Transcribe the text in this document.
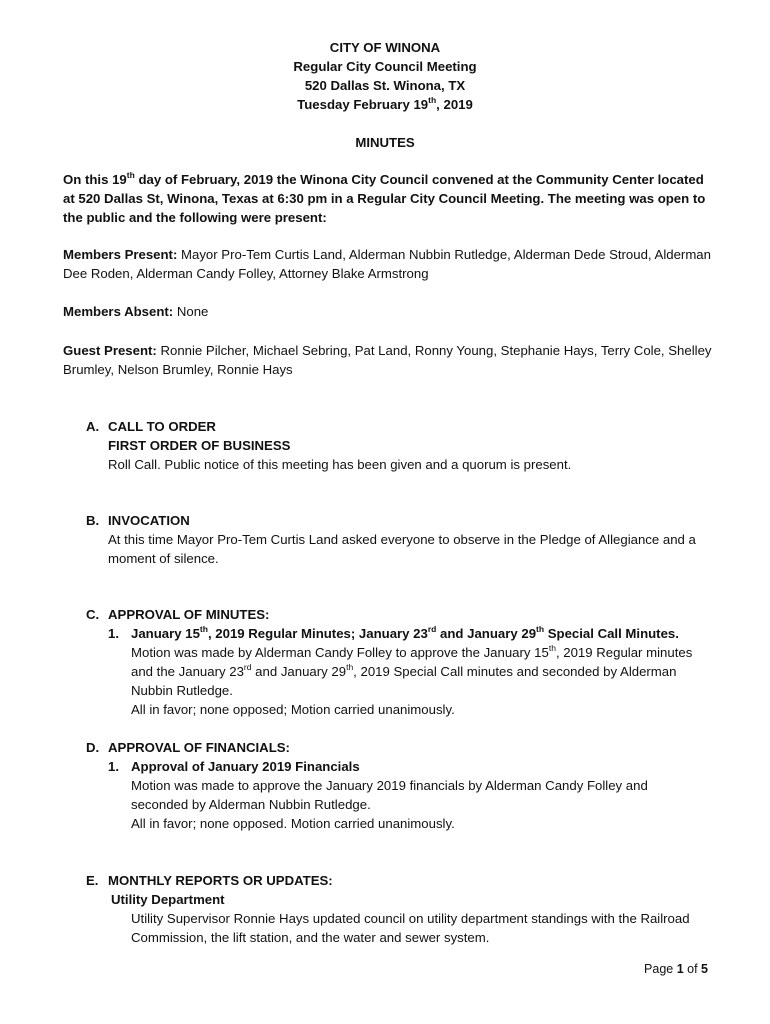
CITY OF WINONA
Regular City Council Meeting
520 Dallas St. Winona, TX
Tuesday February 19th, 2019
MINUTES
On this 19th day of February, 2019 the Winona City Council convened at the Community Center located at 520 Dallas St, Winona, Texas at 6:30 pm in a Regular City Council Meeting. The meeting was open to the public and the following were present:
Members Present: Mayor Pro-Tem Curtis Land, Alderman Nubbin Rutledge, Alderman Dede Stroud, Alderman Dee Roden, Alderman Candy Folley, Attorney Blake Armstrong
Members Absent: None
Guest Present: Ronnie Pilcher, Michael Sebring, Pat Land, Ronny Young, Stephanie Hays, Terry Cole, Shelley Brumley, Nelson Brumley, Ronnie Hays
A. CALL TO ORDER
FIRST ORDER OF BUSINESS
Roll Call. Public notice of this meeting has been given and a quorum is present.
B. INVOCATION
At this time Mayor Pro-Tem Curtis Land asked everyone to observe in the Pledge of Allegiance and a moment of silence.
C. APPROVAL OF MINUTES:
1. January 15th, 2019 Regular Minutes; January 23rd and January 29th Special Call Minutes.
Motion was made by Alderman Candy Folley to approve the January 15th, 2019 Regular minutes and the January 23rd and January 29th, 2019 Special Call minutes and seconded by Alderman Nubbin Rutledge.
All in favor; none opposed; Motion carried unanimously.
D. APPROVAL OF FINANCIALS:
1. Approval of January 2019 Financials
Motion was made to approve the January 2019 financials by Alderman Candy Folley and seconded by Alderman Nubbin Rutledge.
All in favor; none opposed. Motion carried unanimously.
E. MONTHLY REPORTS OR UPDATES:
Utility Department
Utility Supervisor Ronnie Hays updated council on utility department standings with the Railroad Commission, the lift station, and the water and sewer system.
Page 1 of 5
